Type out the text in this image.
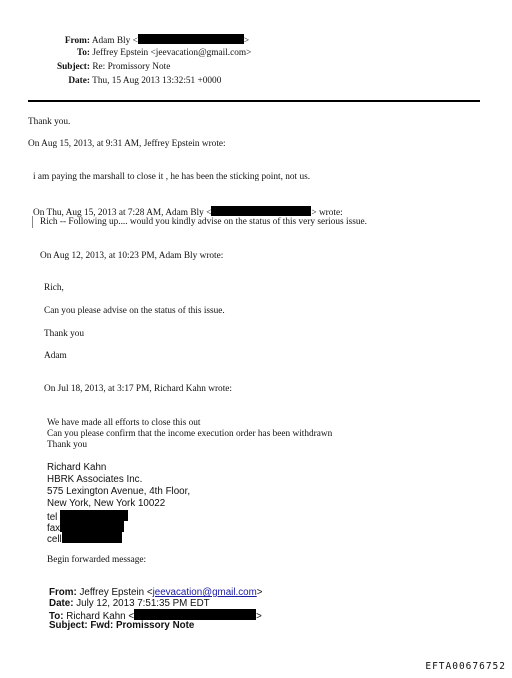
From: Adam Bly <	>
To: Jeffrey Epstein <jeevacation@gmail.com>
Subject: Re: Promissory Note
Date: Thu, 15 Aug 2013 13:32:51 +0000
Thank you.
On Aug 15, 2013, at 9:31 AM, Jeffrey Epstein wrote:
i am paying the marshall to close it , he has been the sticking point, not us.
On Thu, Aug 15, 2013 at 7:28 AM, Adam Bly <	> wrote:
Rich -- Following up.... would you kindly advise on the status of this very serious issue.
On Aug 12, 2013, at 10:23 PM, Adam Bly wrote:
Rich,
Can you please advise on the status of this issue.
Thank you
Adam
On Jul 18, 2013, at 3:17 PM, Richard Kahn wrote:
We have made all efforts to close this out
Can you please confirm that the income execution order has been withdrawn
Thank you
Richard Kahn
HBRK Associates Inc.
575 Lexington Avenue, 4th Floor,
New York, New York 10022
tel
fax
cell
Begin forwarded message:
From: Jeffrey Epstein <jeevacation@gmail.com>
Date: July 12, 2013 7:51:35 PM EDT
To: Richard Kahn <	>
Subject: Fwd: Promissory Note
EFTA00676752
